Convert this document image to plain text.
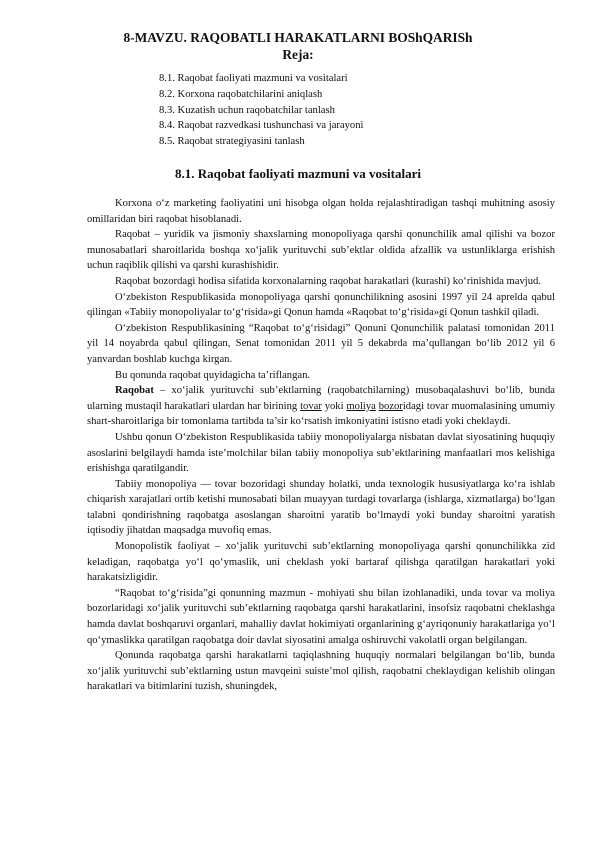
8-MAVZU. RAQOBATLI HARAKATLARNI BOShQARISh
Reja:
8.1. Raqobat faoliyati mazmuni va vositalari
8.2. Korxona raqobatchilarini aniqlash
8.3. Kuzatish uchun raqobatchilar tanlash
8.4. Raqobat razvedkasi tushunchasi va jarayoni
8.5. Raqobat strategiyasini tanlash
8.1. Raqobat faoliyati mazmuni va vositalari

Korxona o‘z marketing faoliyatini uni hisobga olgan holda rejalashtiradigan tashqi muhitning asosiy omillaridan biri raqobat hisoblanadi.

Raqobat – yuridik va jismoniy shaxslarning monopoliyaga qarshi qonunchilik amal qilishi va bozor munosabatlari sharoitlarida boshqa xo‘jalik yurituvchi sub’ektlar oldida afzallik va ustunliklarga erishish uchun raqiblik qilishi va qarshi kurashishidir.

Raqobat bozordagi hodisa sifatida korxonalarning raqobat harakatlari (kurashi) ko‘rinishida mavjud.

O‘zbekiston Respublikasida monopoliyaga qarshi qonunchilikning asosini 1997 yil 24 aprelda qabul qilingan «Tabiiy monopoliyalar to‘g‘risida»gi Qonun hamda «Raqobat to‘g‘risida»gi Qonun tashkil qiladi.

O‘zbekiston Respublikasining “Raqobat to‘g‘risidagi” Qonuni Qonunchilik palatasi tomonidan 2011 yil 14 noyabrda qabul qilingan, Senat tomonidan 2011 yil 5 dekabrda ma’qullangan bo‘lib 2012 yil 6 yanvardan boshlab kuchga kirgan.

Bu qonunda raqobat quyidagicha ta’riflangan.

Raqobat – xo‘jalik yurituvchi sub’ektlarning (raqobatchilarning) musobaqalashuvi bo‘lib, bunda ularning mustaqil harakatlari ulardan har birining tovar yoki moliya bozoridagi tovar muomalasining umumiy shart-sharoitlariga bir tomonlama tartibda ta’sir ko‘rsatish imkoniyatini istisno etadi yoki cheklaydi.

Ushbu qonun O‘zbekiston Respublikasida tabiiy monopoliyalarga nisbatan davlat siyosatining huquqiy asoslarini belgilaydi hamda iste’molchilar bilan tabiiy monopoliya sub’ektlarining manfaatlari mos kelishiga erishishga qaratilgandir.

Tabiiy monopoliya — tovar bozoridagi shunday holatki, unda texnologik hususiyatlarga ko‘ra ishlab chiqarish xarajatlari ortib ketishi munosabati bilan muayyan turdagi tovarlarga (ishlarga, xizmatlarga) bo‘lgan talabni qondirishning raqobatga asoslangan sharoitni yaratib bo‘lmaydi yoki bunday sharoitni yaratish iqtisodiy jihatdan maqsadga muvofiq emas.

Monopolistik faoliyat – xo‘jalik yurituvchi sub’ektlarning monopoliyaga qarshi qonunchilikka zid keladigan, raqobatga yo‘l qo‘ymaslik, uni cheklash yoki bartaraf qilishga qaratilgan harakatlari yoki harakatsizligidir.

“Raqobat to‘g‘risida”gi qonunning mazmun - mohiyati shu bilan izohlanadiki, unda tovar va moliya bozorlaridagi xo‘jalik yurituvchi sub’ektlarning raqobatga qarshi harakatlarini, insofsiz raqobatni cheklashga hamda davlat boshqaruvi organlari, mahalliy davlat hokimiyati organlarining g‘ayriqonuniy harakatlariga yo‘l qo‘ymaslikka qaratilgan raqobatga doir davlat siyosatini amalga oshiruvchi vakolatli organ belgilangan.

Qonunda raqobatga qarshi harakatlarni taqiqlashning huquqiy normalari belgilangan bo‘lib, bunda xo‘jalik yurituvchi sub’ektlarning ustun mavqeini suiste’mol qilish, raqobatni cheklaydigan kelishib olingan harakatlari va bitimlarini tuzish, shuningdek,
